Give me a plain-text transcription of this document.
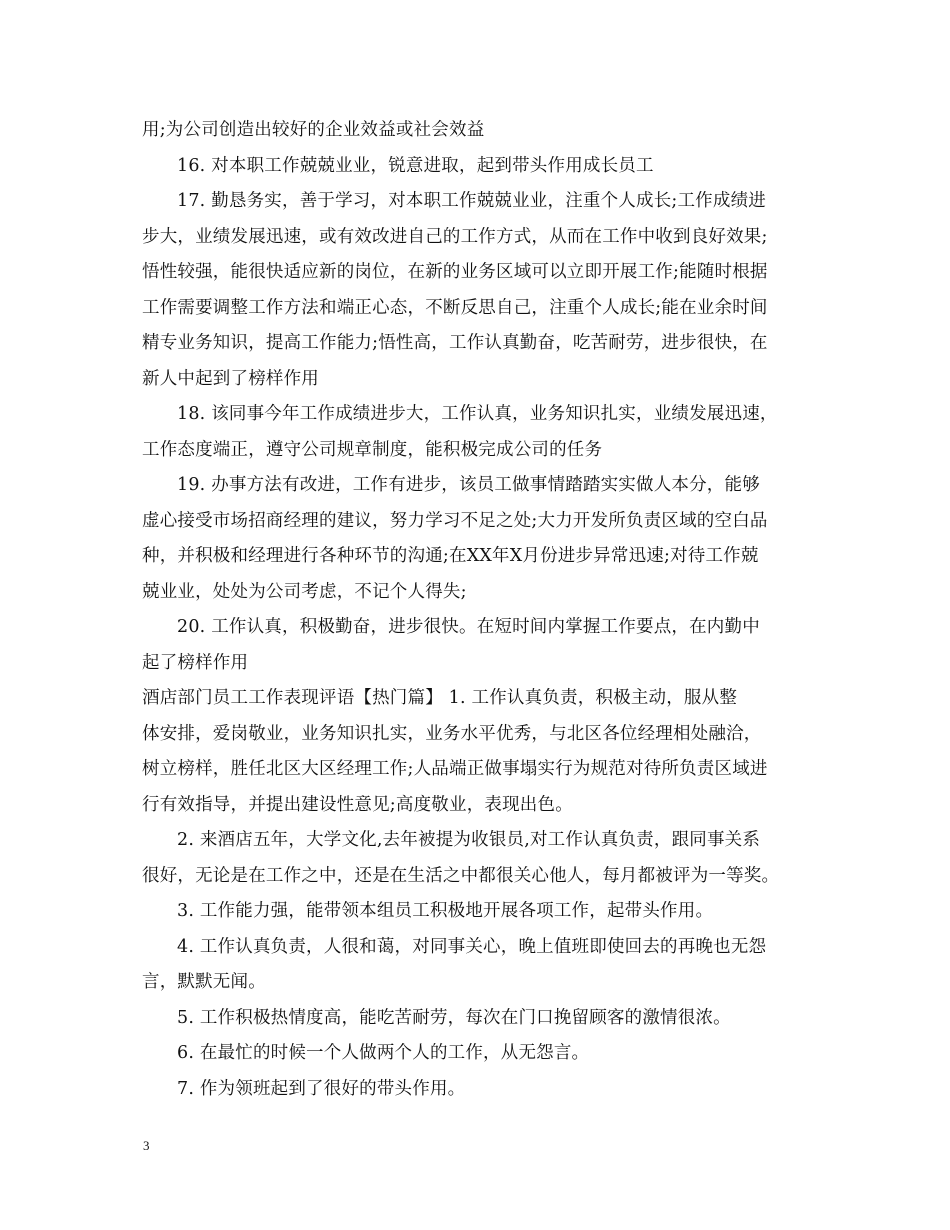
用;为公司创造出较好的企业效益或社会效益
16. 对本职工作兢兢业业，锐意进取，起到带头作用成长员工
17. 勤恳务实，善于学习，对本职工作兢兢业业，注重个人成长;工作成绩进
步大，业绩发展迅速，或有效改进自己的工作方式，从而在工作中收到良好效果;
悟性较强，能很快适应新的岗位，在新的业务区域可以立即开展工作;能随时根据
工作需要调整工作方法和端正心态，不断反思自己，注重个人成长;能在业余时间
精专业务知识，提高工作能力;悟性高，工作认真勤奋，吃苦耐劳，进步很快，在
新人中起到了榜样作用
18. 该同事今年工作成绩进步大，工作认真，业务知识扎实，业绩发展迅速，
工作态度端正，遵守公司规章制度，能积极完成公司的任务
19. 办事方法有改进，工作有进步，该员工做事情踏踏实实做人本分，能够
虚心接受市场招商经理的建议，努力学习不足之处;大力开发所负责区域的空白品
种，并积极和经理进行各种环节的沟通;在XX年X月份进步异常迅速;对待工作兢
兢业业，处处为公司考虑，不记个人得失;
20. 工作认真，积极勤奋，进步很快。在短时间内掌握工作要点，在内勤中
起了榜样作用
酒店部门员工工作表现评语【热门篇】 1. 工作认真负责，积极主动，服从整
体安排，爱岗敬业，业务知识扎实，业务水平优秀，与北区各位经理相处融洽，
树立榜样，胜任北区大区经理工作;人品端正做事塌实行为规范对待所负责区域进
行有效指导，并提出建设性意见;高度敬业，表现出色。
2. 来酒店五年，大学文化,去年被提为收银员,对工作认真负责，跟同事关系
很好，无论是在工作之中，还是在生活之中都很关心他人，每月都被评为一等奖。
3. 工作能力强，能带领本组员工积极地开展各项工作，起带头作用。
4. 工作认真负责，人很和蔼，对同事关心，晚上值班即使回去的再晚也无怨
言，默默无闻。
5. 工作积极热情度高，能吃苦耐劳，每次在门口挽留顾客的激情很浓。
6. 在最忙的时候一个人做两个人的工作，从无怨言。
7. 作为领班起到了很好的带头作用。
3
